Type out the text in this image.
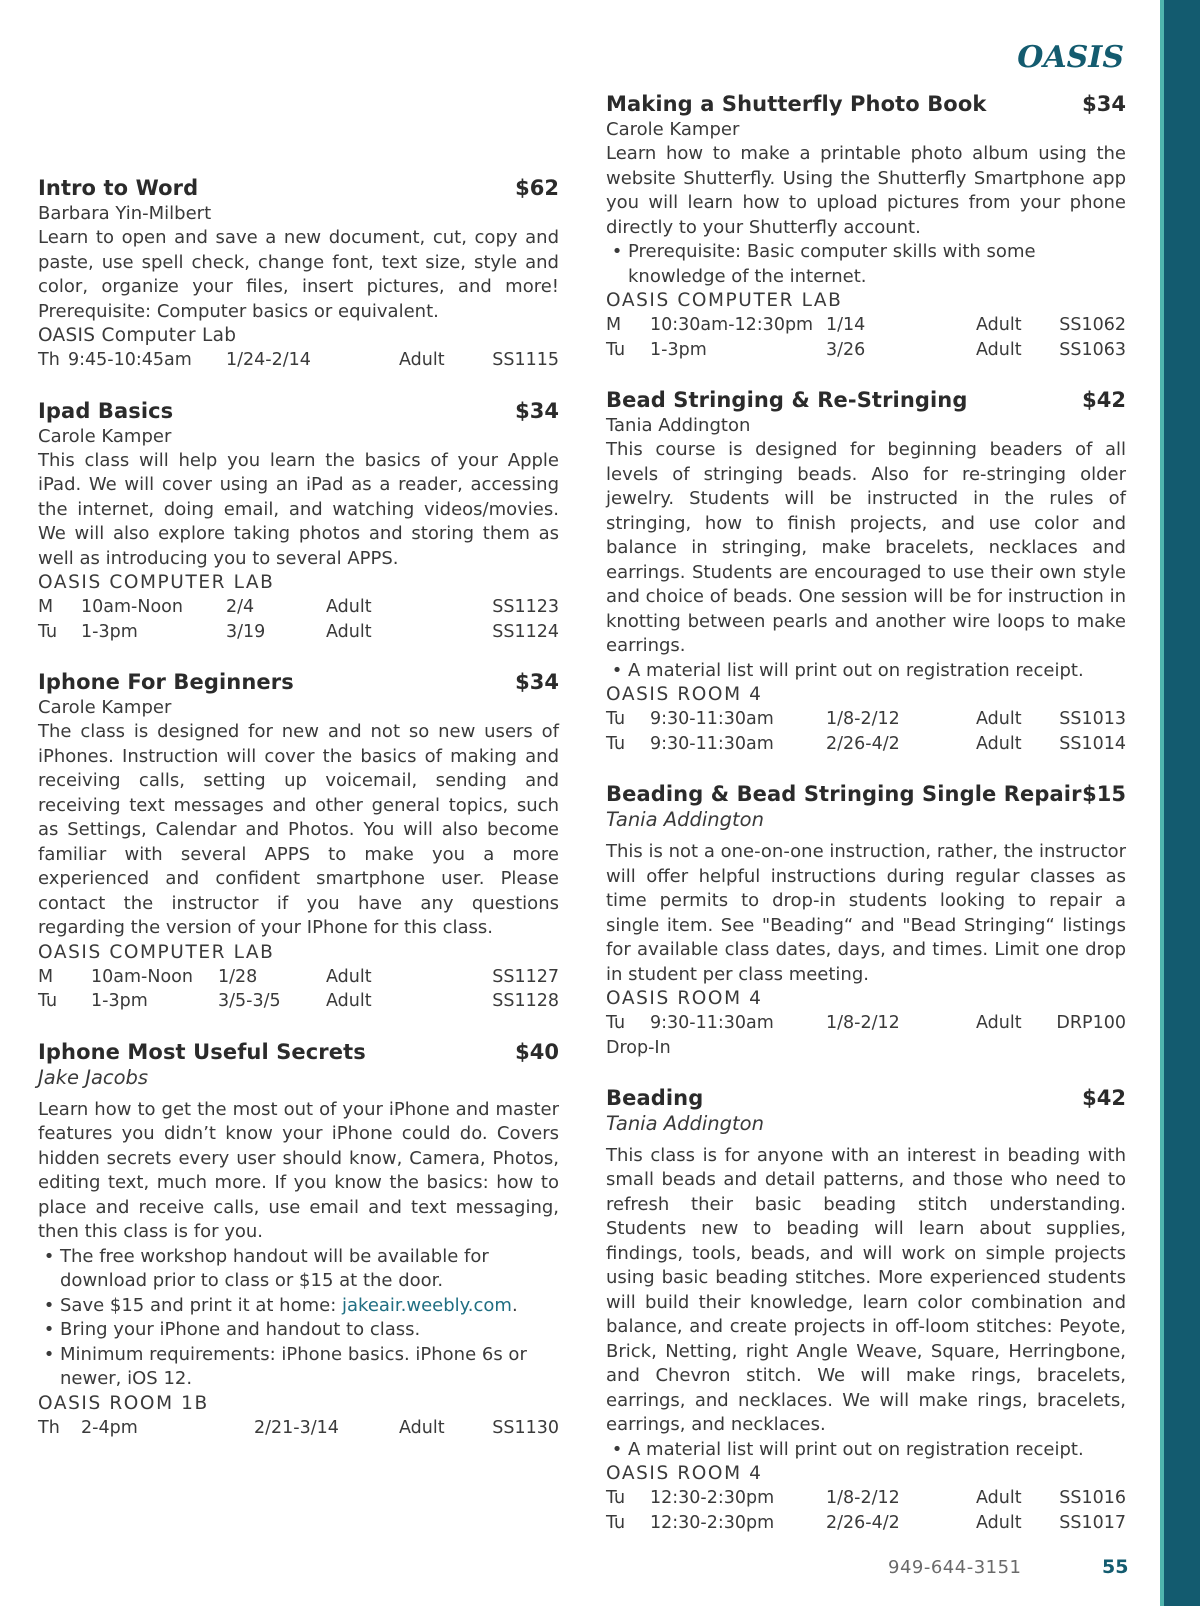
OASIS
Intro to Word	$62
Barbara Yin-Milbert
Learn to open and save a new document, cut, copy and paste, use spell check, change font, text size, style and color, organize your files, insert pictures, and more! Prerequisite: Computer basics or equivalent.
OASIS Computer Lab
Th 9:45-10:45am 1/24-2/14	Adult	SS1115
Ipad Basics	$34
Carole Kamper
This class will help you learn the basics of your Apple iPad. We will cover using an iPad as a reader, accessing the internet, doing email, and watching videos/movies. We will also explore taking photos and storing them as well as introducing you to several APPS.
OASIS COMPUTER LAB
M 10am-Noon 2/4	Adult	SS1123
Tu 1-3pm	3/19	Adult	SS1124
Iphone For Beginners	$34
Carole Kamper
The class is designed for new and not so new users of iPhones. Instruction will cover the basics of making and receiving calls, setting up voicemail, sending and receiving text messages and other general topics, such as Settings, Calendar and Photos. You will also become familiar with several APPS to make you a more experienced and confident smartphone user. Please contact the instructor if you have any questions regarding the version of your IPhone for this class.
OASIS COMPUTER LAB
M 10am-Noon 1/28	Adult	SS1127
Tu 1-3pm	3/5-3/5	Adult	SS1128
Iphone Most Useful Secrets	$40
Jake Jacobs
Learn how to get the most out of your iPhone and master features you didn’t know your iPhone could do. Covers hidden secrets every user should know, Camera, Photos, editing text, much more. If you know the basics: how to place and receive calls, use email and text messaging, then this class is for you.
• The free workshop handout will be available for download prior to class or $15 at the door.
• Save $15 and print it at home: jakeair.weebly.com.
• Bring your iPhone and handout to class.
• Minimum requirements: iPhone basics. iPhone 6s or newer, iOS 12.
OASIS ROOM 1B
Th 2-4pm	2/21-3/14	Adult	SS1130
Making a Shutterfly Photo Book	$34
Carole Kamper
Learn how to make a printable photo album using the website Shutterfly. Using the Shutterfly Smartphone app you will learn how to upload pictures from your phone directly to your Shutterfly account.
• Prerequisite: Basic computer skills with some knowledge of the internet.
OASIS COMPUTER LAB
M 10:30am-12:30pm 1/14	Adult SS1062
Tu 1-3pm	3/26	Adult SS1063
Bead Stringing & Re-Stringing	$42
Tania Addington
This course is designed for beginning beaders of all levels of stringing beads. Also for re-stringing older jewelry. Students will be instructed in the rules of stringing, how to finish projects, and use color and balance in stringing, make bracelets, necklaces and earrings. Students are encouraged to use their own style and choice of beads. One session will be for instruction in knotting between pearls and another wire loops to make earrings.
• A material list will print out on registration receipt.
OASIS ROOM 4
Tu 9:30-11:30am	1/8-2/12	Adult SS1013
Tu 9:30-11:30am	2/26-4/2	Adult SS1014
Beading & Bead Stringing Single Repair $15
Tania Addington
This is not a one-on-one instruction, rather, the instructor will offer helpful instructions during regular classes as time permits to drop-in students looking to repair a single item. See "Beading“ and "Bead Stringing“ listings for available class dates, days, and times. Limit one drop in student per class meeting.
OASIS ROOM 4
Tu 9:30-11:30am	1/8-2/12	Adult DRP100
Drop-In
Beading	$42
Tania Addington
This class is for anyone with an interest in beading with small beads and detail patterns, and those who need to refresh their basic beading stitch understanding. Students new to beading will learn about supplies, findings, tools, beads, and will work on simple projects using basic beading stitches. More experienced students will build their knowledge, learn color combination and balance, and create projects in off-loom stitches: Peyote, Brick, Netting, right Angle Weave, Square, Herringbone, and Chevron stitch. We will make rings, bracelets, earrings, and necklaces. We will make rings, bracelets, earrings, and necklaces.
• A material list will print out on registration receipt.
OASIS ROOM 4
Tu 12:30-2:30pm	1/8-2/12	Adult SS1016
Tu 12:30-2:30pm	2/26-4/2	Adult SS1017
949-644-3151	55
